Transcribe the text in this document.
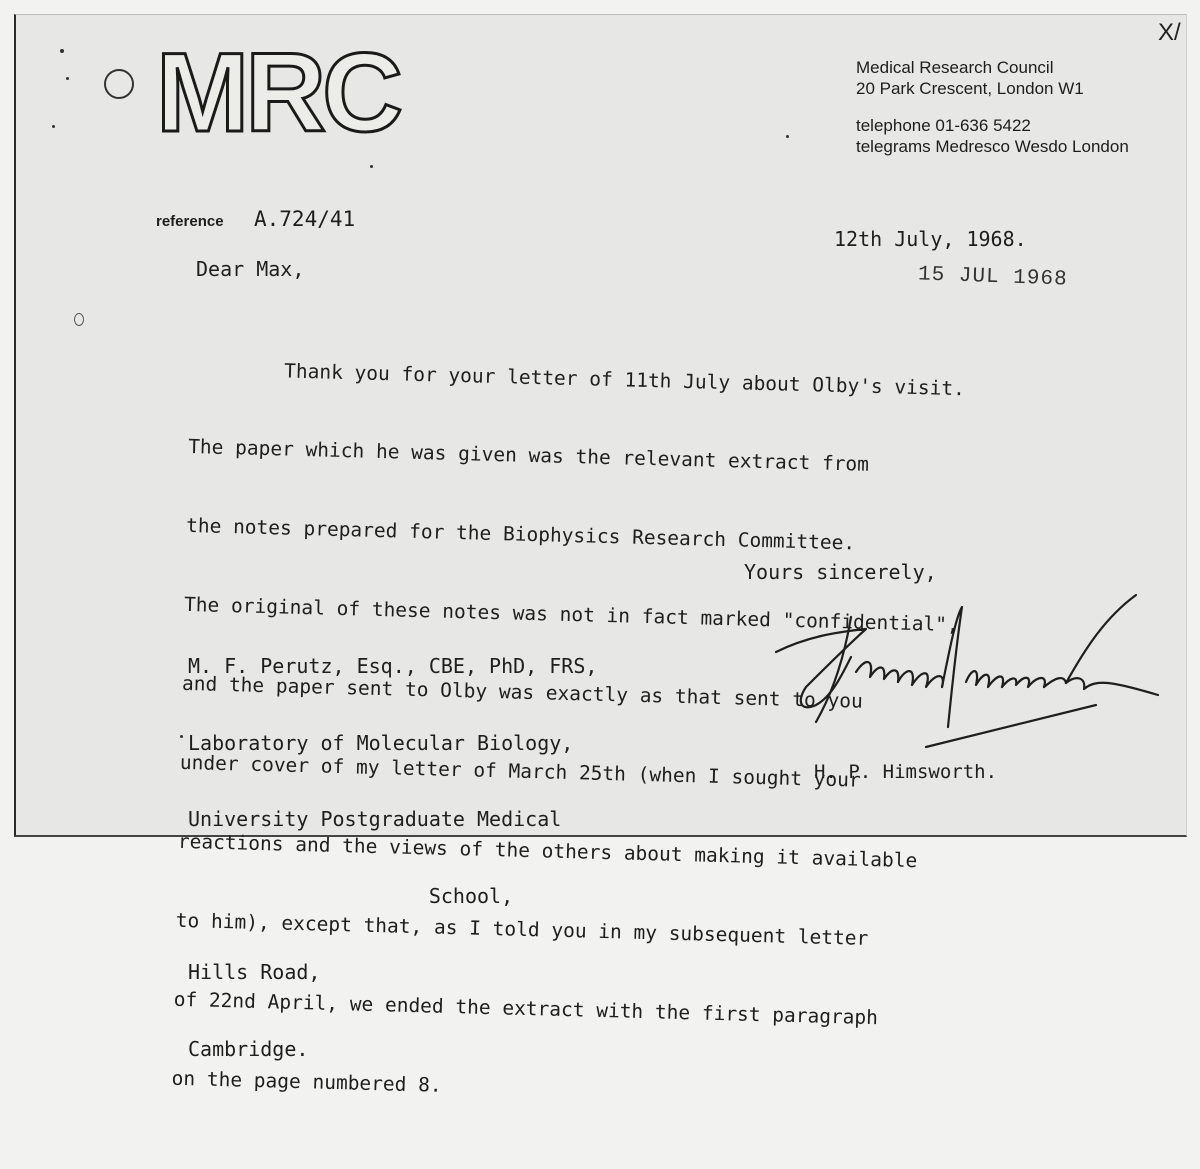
X/
MRC	Medical Research Council
20 Park Crescent, London W1
telephone 01-636 5422
telegrams Medresco Wesdo London
reference A.724/41
12th July, 1968.
15 JUL 1968
Dear Max,

Thank you for your letter of 11th July about Olby's visit.

The paper which he was given was the relevant extract from

the notes prepared for the Biophysics Research Committee.

The original of these notes was not in fact marked "confidential",

and the paper sent to Olby was exactly as that sent to you

under cover of my letter of March 25th (when I sought your

reactions and the views of the others about making it available

to him), except that, as I told you in my subsequent letter

of 22nd April, we ended the extract with the first paragraph

on the page numbered 8.

Yours sincerely,

M. F. Perutz, Esq., CBE, PhD, FRS,

Laboratory of Molecular Biology,

University Postgraduate Medical

School,

Hills Road,

Cambridge.

H. P. Himsworth.
